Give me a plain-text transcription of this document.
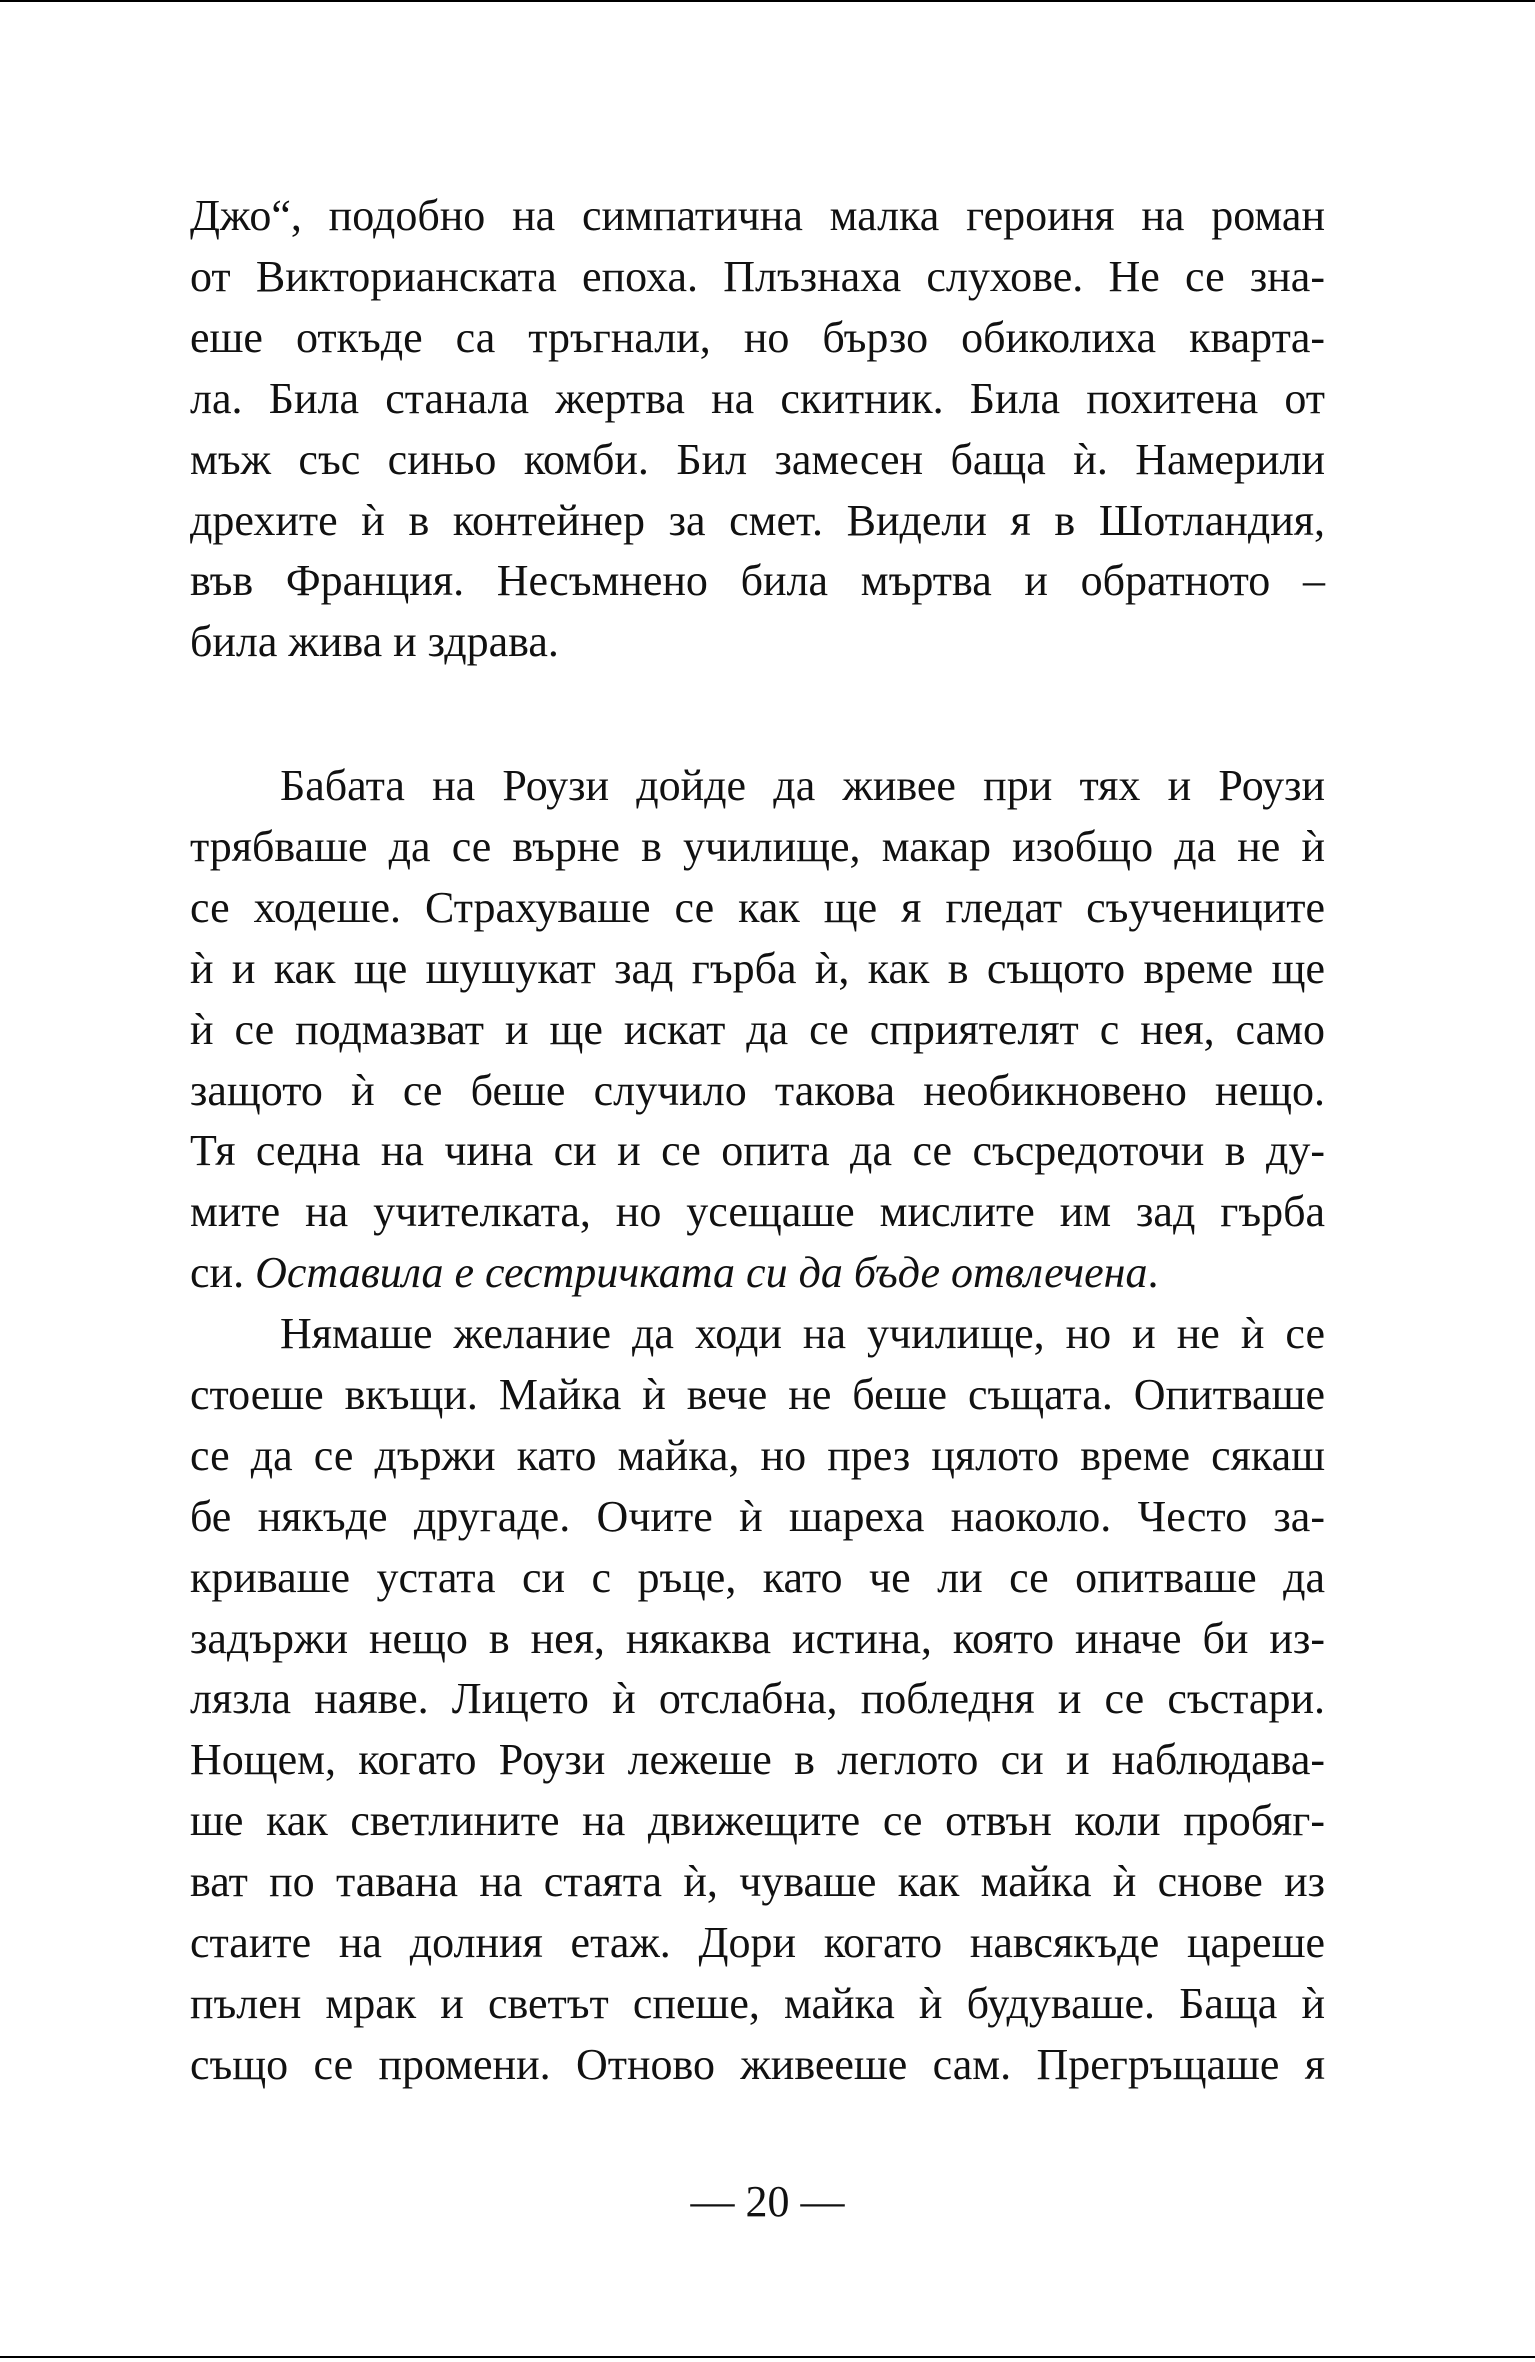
Джо“, подобно на симпатична малка героиня на роман
от Викторианската епоха. Плъзнаха слухове. Не се зна-
еше откъде са тръгнали, но бързо обиколиха квартa-
ла. Била станала жертва на скитник. Била похитена от
мъж със синьо комби. Бил замесен баща ѝ. Намерили
дрехите ѝ в контейнер за смет. Видели я в Шотландия,
във Франция. Несъмнено била мъртва и обратното –
била жива и здрава.
Бабата на Роузи дойде да живее при тях и Роузи
трябваше да се върне в училище, макар изобщо да не ѝ
се ходеше. Страхуваше се как ще я гледат съучениците
ѝ и как ще шушукат зад гърба ѝ, как в същото време ще
ѝ се подмазват и ще искат да се сприятелят с нея, само
защото ѝ се беше случило такова необикновено нещо.
Тя седна на чина си и се опита да се съсредоточи в ду-
мите на учителката, но усещаше мислите им зад гърба
си. Оставила е сестричката си да бъде отвлечена.
Нямаше желание да ходи на училище, но и не ѝ се
стоеше вкъщи. Майка ѝ вече не беше същата. Опитваше
се да се държи като майка, но през цялото време сякаш
бе някъде другаде. Очите ѝ шареха наоколо. Често за-
криваше устата си с ръце, като че ли се опитваше да
задържи нещо в нея, някаква истина, която иначе би из-
лязла наяве. Лицето ѝ отслабна, побледня и се състари.
Нощем, когато Роузи лежеше в леглото си и наблюдава-
ше как светлините на движещите се отвън коли пробяг-
ват по тавана на стаята ѝ, чуваше как майка ѝ снове из
стаите на долния етаж. Дори когато навсякъде цареше
пълен мрак и светът спеше, майка ѝ будуваше. Баща ѝ
също се промени. Отново живееше сам. Прегръщаше я
— 20 —
